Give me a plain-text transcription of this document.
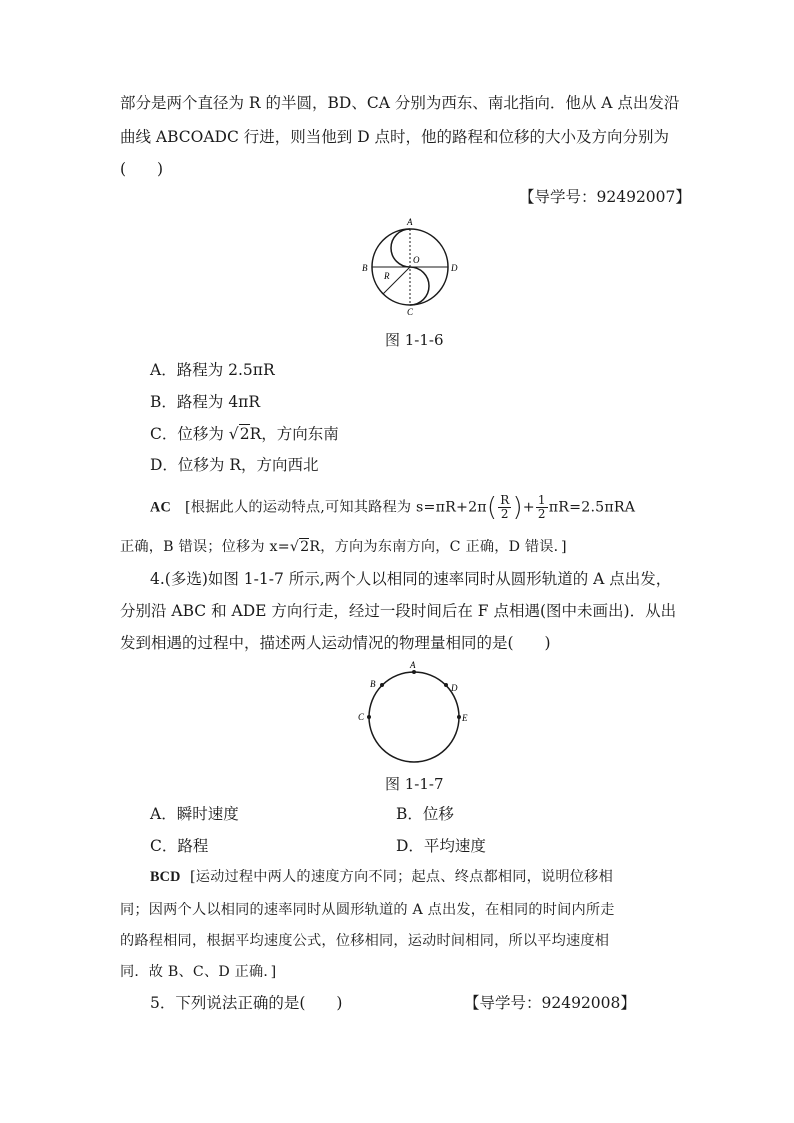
部分是两个直径为 R 的半圆，BD、CA 分别为西东、南北指向．他从 A 点出发沿
曲线 ABCOADC 行进，则当他到 D 点时，他的路程和位移的大小及方向分别为
(　　)
【导学号：92492007】
A
B
C
D
O
R
图 1-1-6
A．路程为 2.5πR
B．路程为 4πR
C．位移为 √2R，方向东南
D．位移为 R，方向西北
AC [根据此人的运动特点,可知其路程为 $s=\pi R+2\pi( \frac{R}{2}$ )+ $\frac{1}{2} \pi R=2.5\pi RA$
正确，B 错误；位移为 x=√2R，方向为东南方向，C 正确，D 错误．]
4.(多选)如图 1-1-7 所示,两个人以相同的速率同时从圆形轨道的 A 点出发，
分别沿 ABC 和 ADE 方向行走，经过一段时间后在 F 点相遇(图中未画出)．从出
发到相遇的过程中，描述两人运动情况的物理量相同的是(　　)
A
B
C
D
E
图 1-1-7
A．瞬时速度	B．位移
C．路程	D．平均速度
BCD [运动过程中两人的速度方向不同；起点、终点都相同，说明位移相
同；因两个人以相同的速率同时从圆形轨道的 A 点出发，在相同的时间内所走
的路程相同，根据平均速度公式，位移相同，运动时间相同，所以平均速度相
同．故 B、C、D 正确．]
5．下列说法正确的是(　　)	【导学号：92492008】
